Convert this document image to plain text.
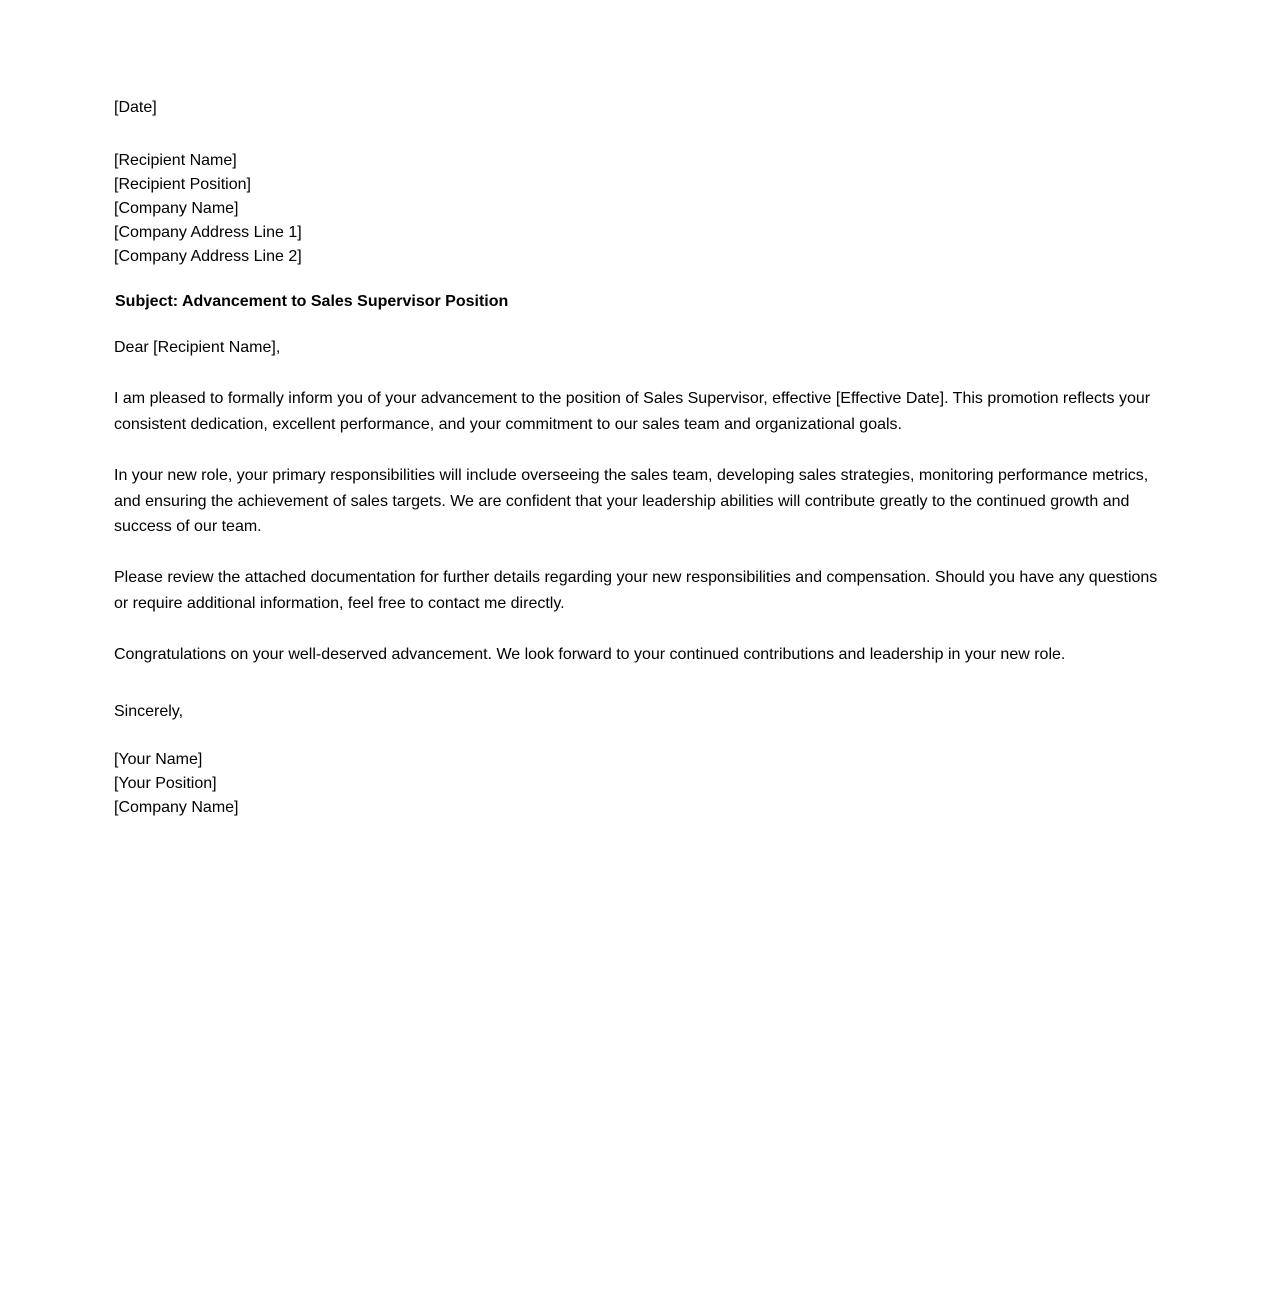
[Date]
[Recipient Name]
[Recipient Position]
[Company Name]
[Company Address Line 1]
[Company Address Line 2]
Subject: Advancement to Sales Supervisor Position
Dear [Recipient Name],
I am pleased to formally inform you of your advancement to the position of Sales Supervisor, effective [Effective Date]. This promotion reflects your consistent dedication, excellent performance, and your commitment to our sales team and organizational goals.
In your new role, your primary responsibilities will include overseeing the sales team, developing sales strategies, monitoring performance metrics, and ensuring the achievement of sales targets. We are confident that your leadership abilities will contribute greatly to the continued growth and success of our team.
Please review the attached documentation for further details regarding your new responsibilities and compensation. Should you have any questions or require additional information, feel free to contact me directly.
Congratulations on your well-deserved advancement. We look forward to your continued contributions and leadership in your new role.
Sincerely,
[Your Name]
[Your Position]
[Company Name]
